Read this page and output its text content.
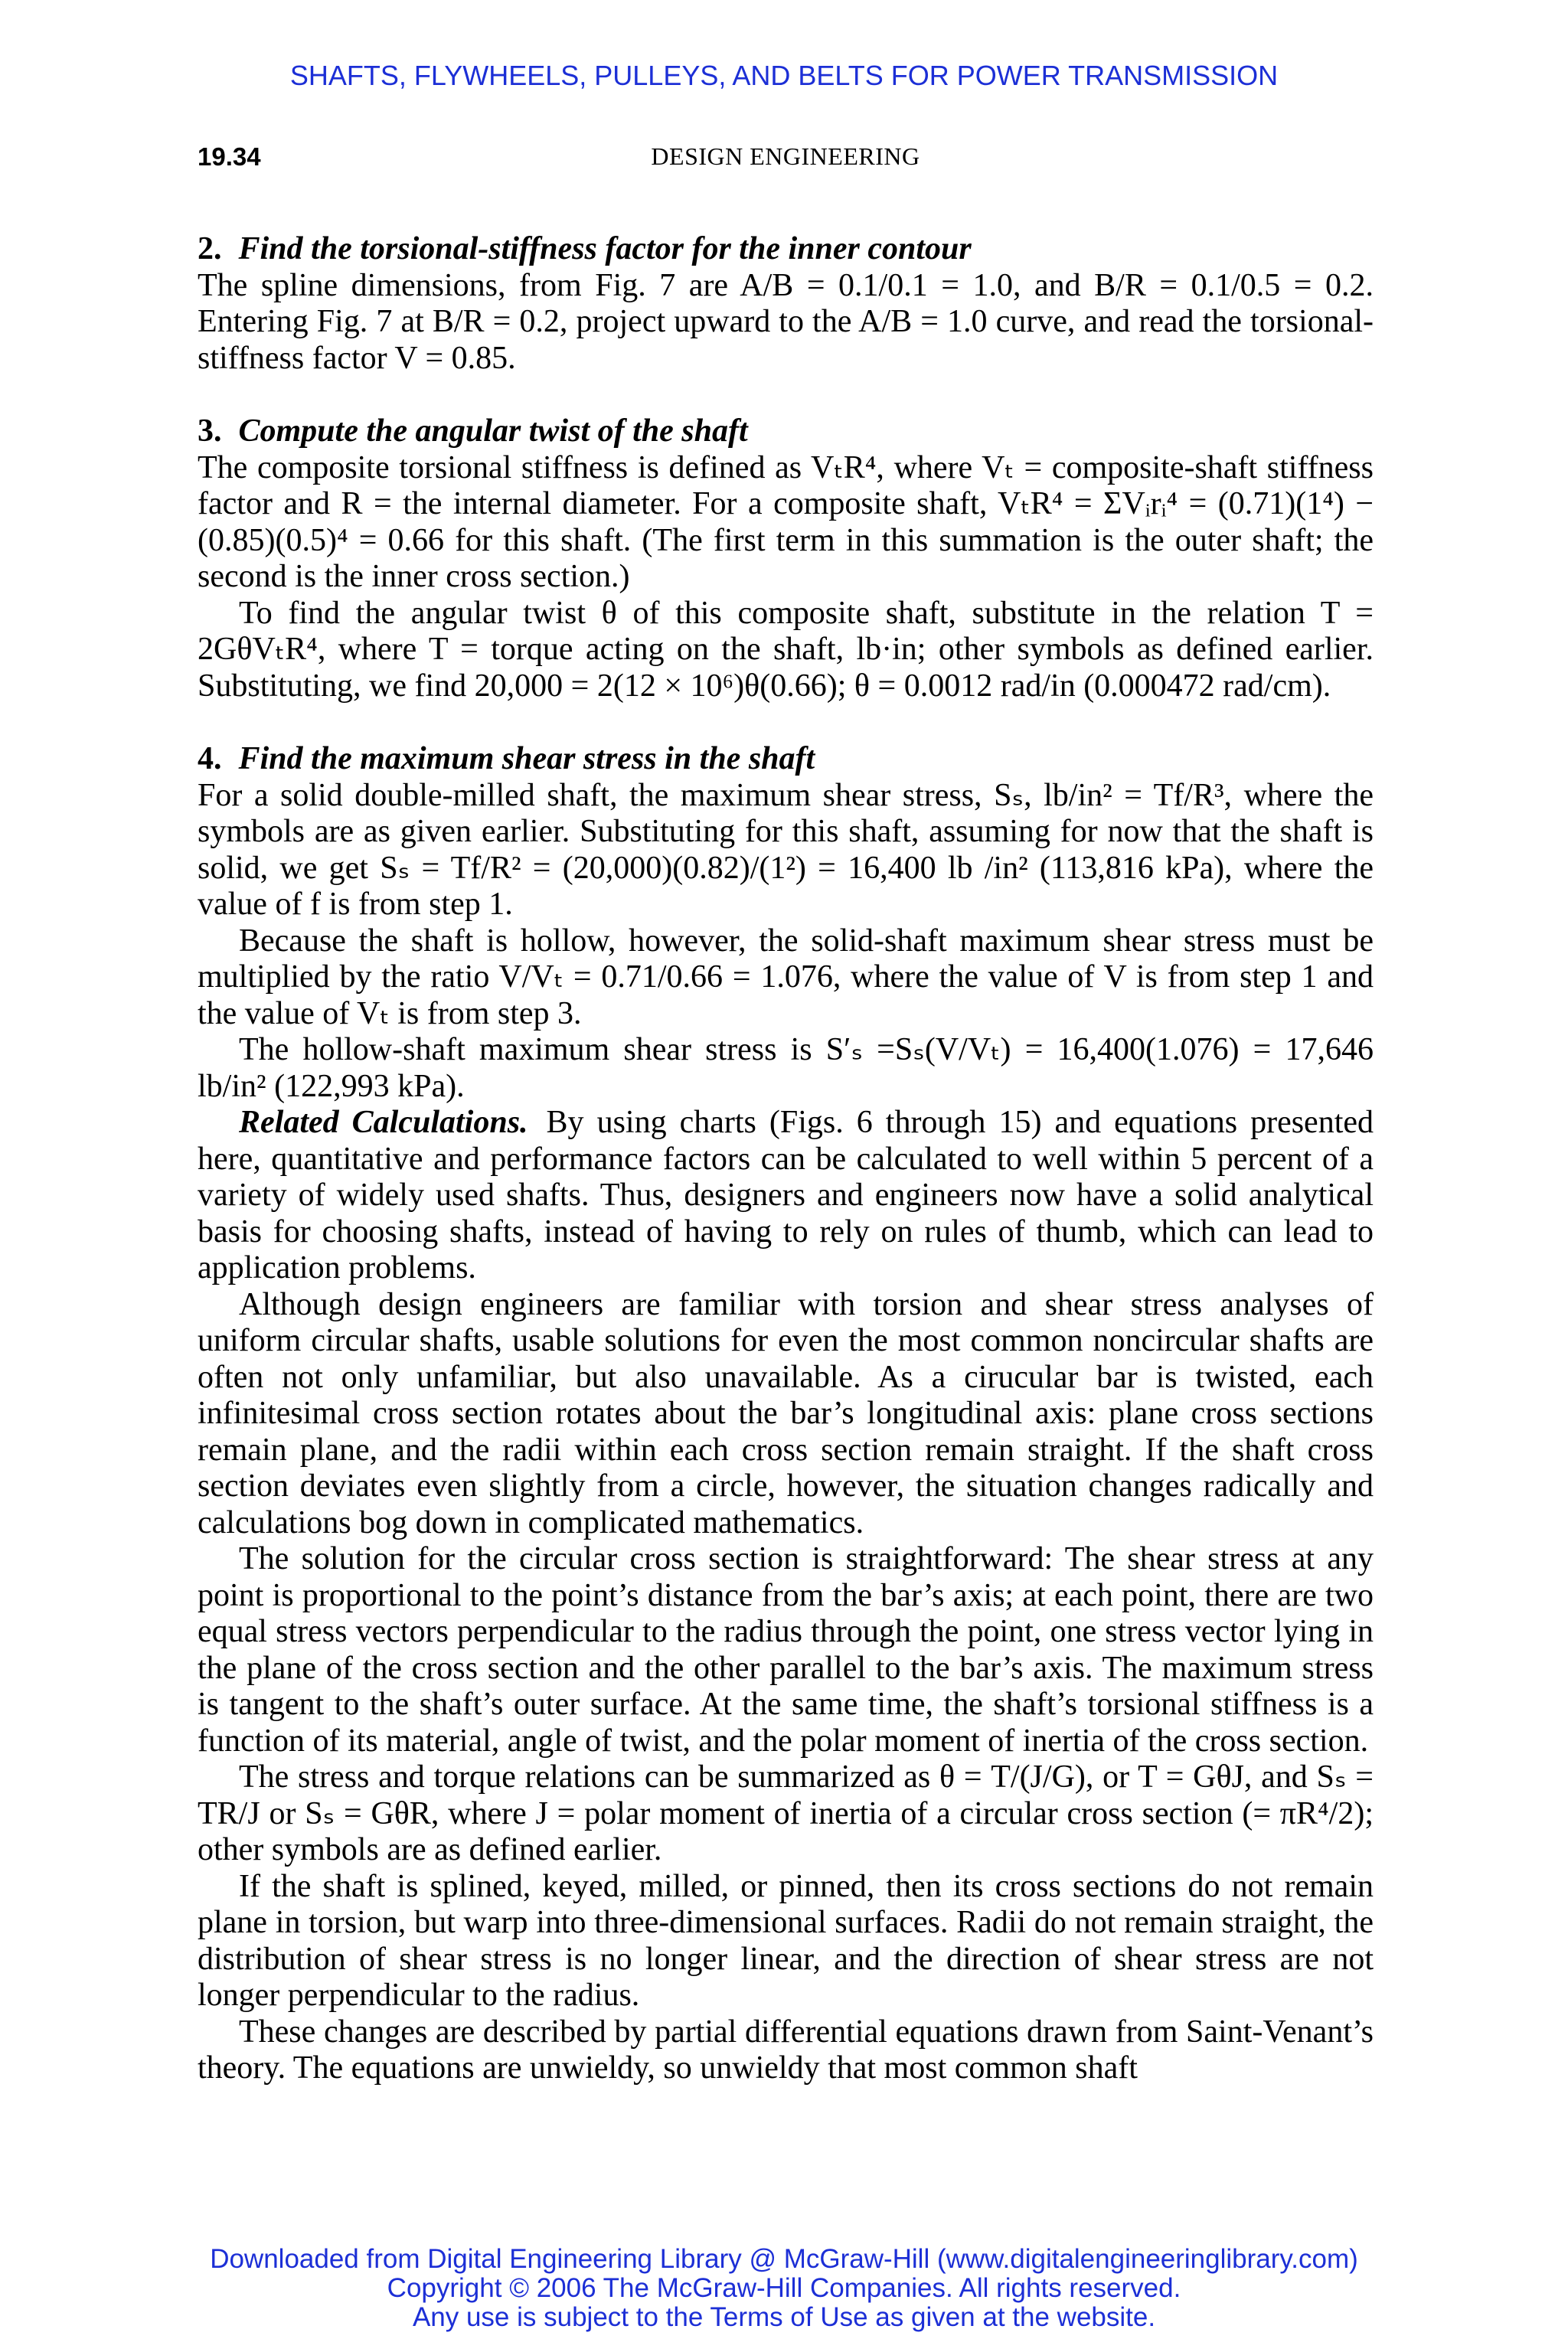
SHAFTS, FLYWHEELS, PULLEYS, AND BELTS FOR POWER TRANSMISSION
19.34	DESIGN ENGINEERING
2. Find the torsional-stiffness factor for the inner contour

The spline dimensions, from Fig. 7 are A/B = 0.1/0.1 = 1.0, and B/R = 0.1/0.5 = 0.2. Entering Fig. 7 at B/R = 0.2, project upward to the A/B = 1.0 curve, and read the torsional-stiffness factor V = 0.85.

3. Compute the angular twist of the shaft

The composite torsional stiffness is defined as VₜR⁴, where Vₜ = composite-shaft stiffness factor and R = the internal diameter. For a composite shaft, VₜR⁴ = ΣVᵢrᵢ⁴ = (0.71)(1⁴) − (0.85)(0.5)⁴ = 0.66 for this shaft. (The first term in this summation is the outer shaft; the second is the inner cross section.)

To find the angular twist θ of this composite shaft, substitute in the relation T = 2GθVₜR⁴, where T = torque acting on the shaft, lb·in; other symbols as defined earlier. Substituting, we find 20,000 = 2(12 × 10⁶)θ(0.66); θ = 0.0012 rad/in (0.000472 rad/cm).

4. Find the maximum shear stress in the shaft

For a solid double-milled shaft, the maximum shear stress, Sₛ, lb/in² = Tf/R³, where the symbols are as given earlier. Substituting for this shaft, assuming for now that the shaft is solid, we get Sₛ = Tf/R² = (20,000)(0.82)/(1²) = 16,400 lb /in² (113,816 kPa), where the value of f is from step 1.

Because the shaft is hollow, however, the solid-shaft maximum shear stress must be multiplied by the ratio V/Vₜ = 0.71/0.66 = 1.076, where the value of V is from step 1 and the value of Vₜ is from step 3.

The hollow-shaft maximum shear stress is S′ₛ =Sₛ(V/Vₜ) = 16,400(1.076) = 17,646 lb/in² (122,993 kPa).

Related Calculations. By using charts (Figs. 6 through 15) and equations presented here, quantitative and performance factors can be calculated to well within 5 percent of a variety of widely used shafts. Thus, designers and engineers now have a solid analytical basis for choosing shafts, instead of having to rely on rules of thumb, which can lead to application problems.

Although design engineers are familiar with torsion and shear stress analyses of uniform circular shafts, usable solutions for even the most common noncircular shafts are often not only unfamiliar, but also unavailable. As a cirucular bar is twisted, each infinitesimal cross section rotates about the bar’s longitudinal axis: plane cross sections remain plane, and the radii within each cross section remain straight. If the shaft cross section deviates even slightly from a circle, however, the situation changes radically and calculations bog down in complicated mathematics.

The solution for the circular cross section is straightforward: The shear stress at any point is proportional to the point’s distance from the bar’s axis; at each point, there are two equal stress vectors perpendicular to the radius through the point, one stress vector lying in the plane of the cross section and the other parallel to the bar’s axis. The maximum stress is tangent to the shaft’s outer surface. At the same time, the shaft’s torsional stiffness is a function of its material, angle of twist, and the polar moment of inertia of the cross section.

The stress and torque relations can be summarized as θ = T/(J/G), or T = GθJ, and Sₛ = TR/J or Sₛ = GθR, where J = polar moment of inertia of a circular cross section (= πR⁴/2); other symbols are as defined earlier.

If the shaft is splined, keyed, milled, or pinned, then its cross sections do not remain plane in torsion, but warp into three-dimensional surfaces. Radii do not remain straight, the distribution of shear stress is no longer linear, and the direction of shear stress are not longer perpendicular to the radius.

These changes are described by partial differential equations drawn from Saint-Venant’s theory. The equations are unwieldy, so unwieldy that most common shaft

Downloaded from Digital Engineering Library @ McGraw-Hill (www.digitalengineeringlibrary.com)
Copyright © 2006 The McGraw-Hill Companies. All rights reserved.
Any use is subject to the Terms of Use as given at the website.
